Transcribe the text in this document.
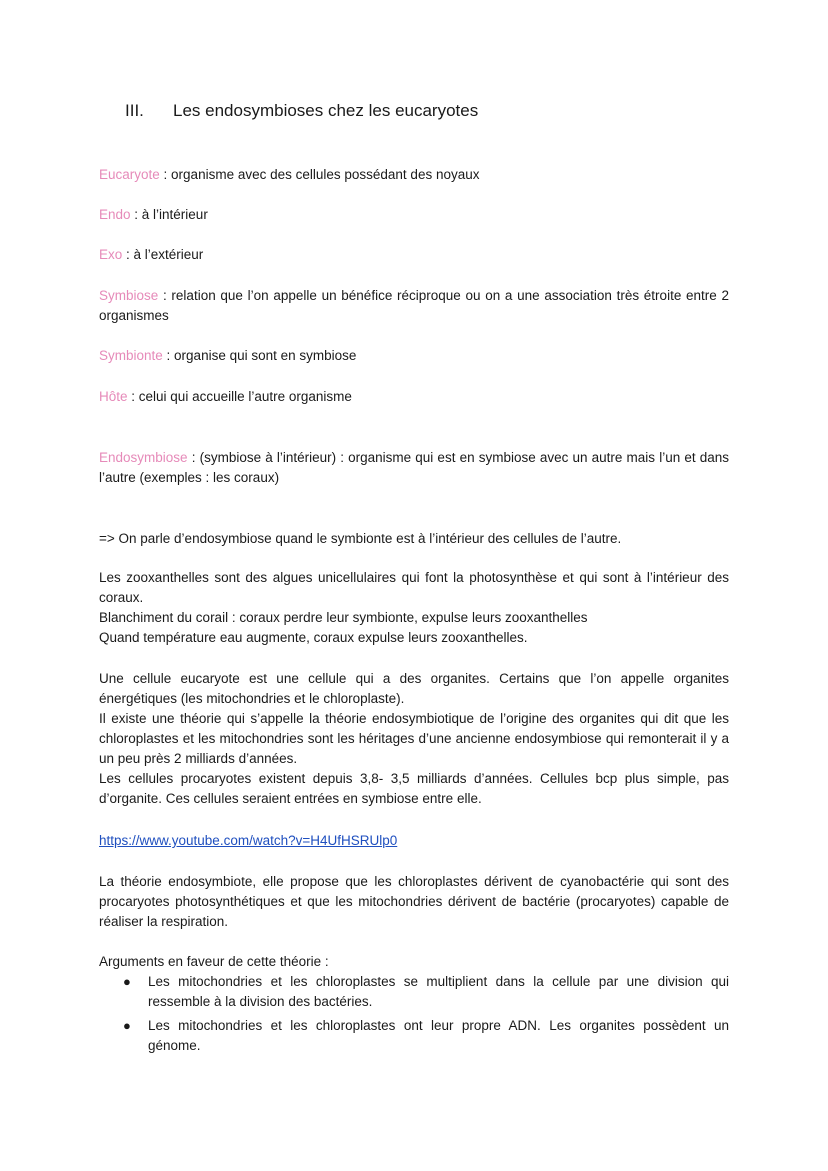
III. Les endosymbioses chez les eucaryotes

Eucaryote : organisme avec des cellules possédant des noyaux

Endo : à l’intérieur

Exo : à l’extérieur

Symbiose : relation que l’on appelle un bénéfice réciproque ou on a une association très étroite entre 2 organismes

Symbionte : organise qui sont en symbiose

Hôte : celui qui accueille l’autre organisme

Endosymbiose : (symbiose à l’intérieur) : organisme qui est en symbiose avec un autre mais l’un et dans l’autre (exemples : les coraux)

=> On parle d’endosymbiose quand le symbionte est à l’intérieur des cellules de l’autre.

Les zooxanthelles sont des algues unicellulaires qui font la photosynthèse et qui sont à l’intérieur des coraux.
Blanchiment du corail : coraux perdre leur symbionte, expulse leurs zooxanthelles
Quand température eau augmente, coraux expulse leurs zooxanthelles.
Une cellule eucaryote est une cellule qui a des organites. Certains que l’on appelle organites énergétiques (les mitochondries et le chloroplaste).
Il existe une théorie qui s’appelle la théorie endosymbiotique de l’origine des organites qui dit que les chloroplastes et les mitochondries sont les héritages d’une ancienne endosymbiose qui remonterait il y a un peu près 2 milliards d’années.
Les cellules procaryotes existent depuis 3,8- 3,5 milliards d’années. Cellules bcp plus simple, pas d’organite. Ces cellules seraient entrées en symbiose entre elle.

https://www.youtube.com/watch?v=H4UfHSRUlp0

La théorie endosymbiote, elle propose que les chloroplastes dérivent de cyanobactérie qui sont des procaryotes photosynthétiques et que les mitochondries dérivent de bactérie (procaryotes) capable de réaliser la respiration.

Arguments en faveur de cette théorie :

● Les mitochondries et les chloroplastes se multiplient dans la cellule par une division qui ressemble à la division des bactéries.
● Les mitochondries et les chloroplastes ont leur propre ADN. Les organites possèdent un génome.
